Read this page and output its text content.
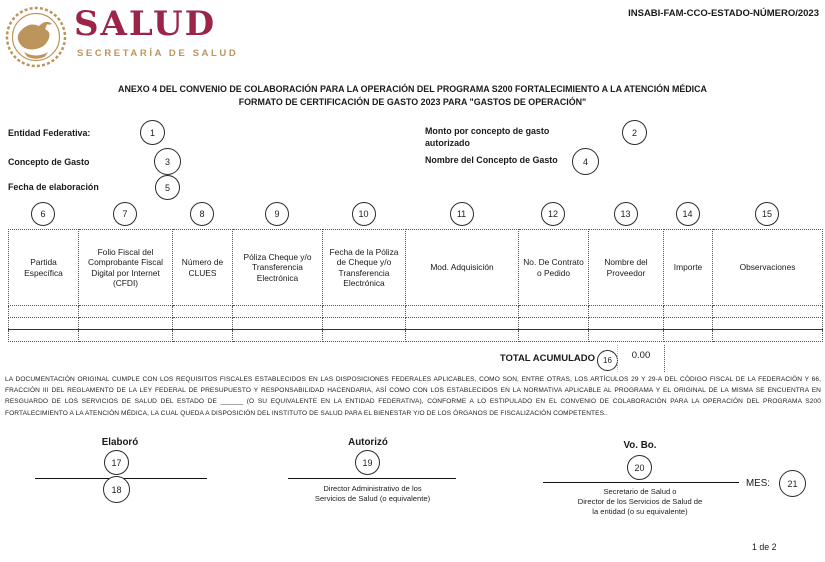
SALUD
SECRETARÍA DE SALUD
INSABI-FAM-CCO-ESTADO-NÚMERO/2023
ANEXO 4 DEL CONVENIO DE COLABORACIÓN PARA LA OPERACIÓN DEL PROGRAMA S200 FORTALECIMIENTO A LA ATENCIÓN MÉDICA
FORMATO DE CERTIFICACIÓN DE GASTO 2023 PARA "GASTOS DE OPERACIÓN"
Entidad Federativa:	1	Monto por concepto de gasto autorizado
2
Concepto de Gasto	3	Nombre del Concepto de Gasto	4
Fecha de elaboración	5
6	7	8	9	10	11	12	13	14	15
Partida Específica	Folio Fiscal del Comprobante Fiscal Digital por Internet (CFDI)	Número de CLUES	Póliza Cheque y/o Transferencia Electrónica	Fecha de la Póliza de Cheque y/o Transferencia Electrónica	Mod. Adquisición	No. De Contrato o Pedido	Nombre del Proveedor	Importe	Observaciones

TOTAL ACUMULADO	16	0.00
LA DOCUMENTACIÓN ORIGINAL CUMPLE CON LOS REQUISITOS FISCALES ESTABLECIDOS EN LAS DISPOSICIONES FEDERALES APLICABLES, COMO SON, ENTRE OTRAS, LOS ARTÍCULOS 29 Y 29-A DEL CÓDIGO FISCAL DE LA FEDERACIÓN Y 66, FRACCIÓN III DEL REGLAMENTO DE LA LEY FEDERAL DE PRESUPUESTO Y RESPONSABILIDAD HACENDARIA, ASÍ COMO CON LOS ESTABLECIDOS EN LA NORMATIVA APLICABLE AL PROGRAMA Y EL ORIGINAL DE LA MISMA SE ENCUENTRA EN RESGUARDO DE LOS SERVICIOS DE SALUD DEL ESTADO DE ______ (O SU EQUIVALENTE EN LA ENTIDAD FEDERATIVA), CONFORME A LO ESTIPULADO EN EL CONVENIO DE COLABORACIÓN PARA LA OPERACIÓN DEL PROGRAMA S200 FORTALECIMIENTO A LA ATENCIÓN MÉDICA, LA CUAL QUEDA A DISPOSICIÓN DEL INSTITUTO DE SALUD PARA EL BIENESTAR Y/O DE LOS ÓRGANOS DE FISCALIZACIÓN COMPETENTES..
Elaboró
17
18
Autorizó
19
Director Administrativo de los
Servicios de Salud (o equivalente)
Vo. Bo.
20
Secretario de Salud o
Director de los Servicios de Salud de
la entidad (o su equivalente)
MES:	21
1 de 2
